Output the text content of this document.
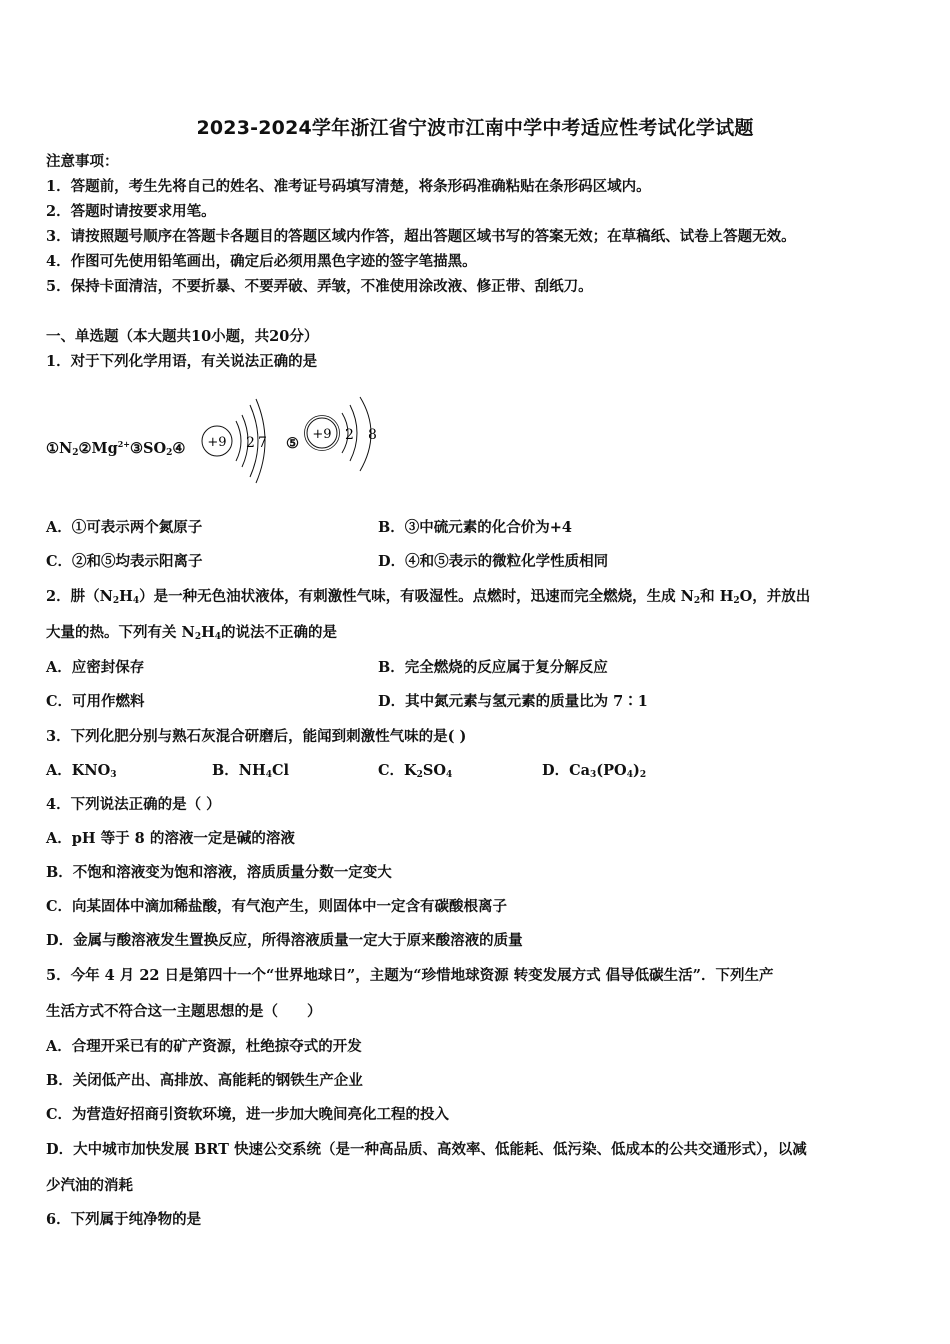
2023-2024学年浙江省宁波市江南中学中考适应性考试化学试题
注意事项：
1．答题前，考生先将自己的姓名、准考证号码填写清楚，将条形码准确粘贴在条形码区域内。
2．答题时请按要求用笔。
3．请按照题号顺序在答题卡各题目的答题区域内作答，超出答题区域书写的答案无效；在草稿纸、试卷上答题无效。
4．作图可先使用铅笔画出，确定后必须用黑色字迹的签字笔描黑。
5．保持卡面清洁，不要折暴、不要弄破、弄皱，不准使用涂改液、修正带、刮纸刀。
一、单选题（本大题共10小题，共20分）
1．对于下列化学用语，有关说法正确的是
$①N_2②Mg^{2+}③SO_2④$	⑤
+9 2 7
+9 2 8
A．①可表示两个氮原子	B．③中硫元素的化合价为+4
C．②和⑤均表示阳离子	D．④和⑤表示的微粒化学性质相同
2．肼$(N_2H_4)$是一种无色油状液体，有刺激性气味，有吸湿性。点燃时，迅速而完全燃烧，生成 $N_2$和 $H_2O$，并放出
大量的热。下列有关 $N_2H_4$的说法不正确的是
A．应密封保存	B．完全燃烧的反应属于复分解反应
C．可用作燃料	D．其中氮元素与氢元素的质量比为 7∶1
3．下列化肥分别与熟石灰混合研磨后，能闻到刺激性气味的是( )
A．$KNO_3$	B．$NH_4Cl$	C．$K_2SO_4$	D．$Ca_3(PO_4)_2$
4．下列说法正确的是（ ）
A．pH 等于 8 的溶液一定是碱的溶液
B．不饱和溶液变为饱和溶液，溶质质量分数一定变大
C．向某固体中滴加稀盐酸，有气泡产生，则固体中一定含有碳酸根离子
D．金属与酸溶液发生置换反应，所得溶液质量一定大于原来酸溶液的质量
5．今年 4 月 22 日是第四十一个“世界地球日”，主题为“珍惜地球资源 转变发展方式 倡导低碳生活”．下列生产
生活方式不符合这一主题思想的是（　　）
A．合理开采已有的矿产资源，杜绝掠夺式的开发
B．关闭低产出、高排放、高能耗的钢铁生产企业
C．为营造好招商引资软环境，进一步加大晚间亮化工程的投入
D．大中城市加快发展 BRT 快速公交系统（是一种高品质、高效率、低能耗、低污染、低成本的公共交通形式），以减
少汽油的消耗
6．下列属于纯净物的是
